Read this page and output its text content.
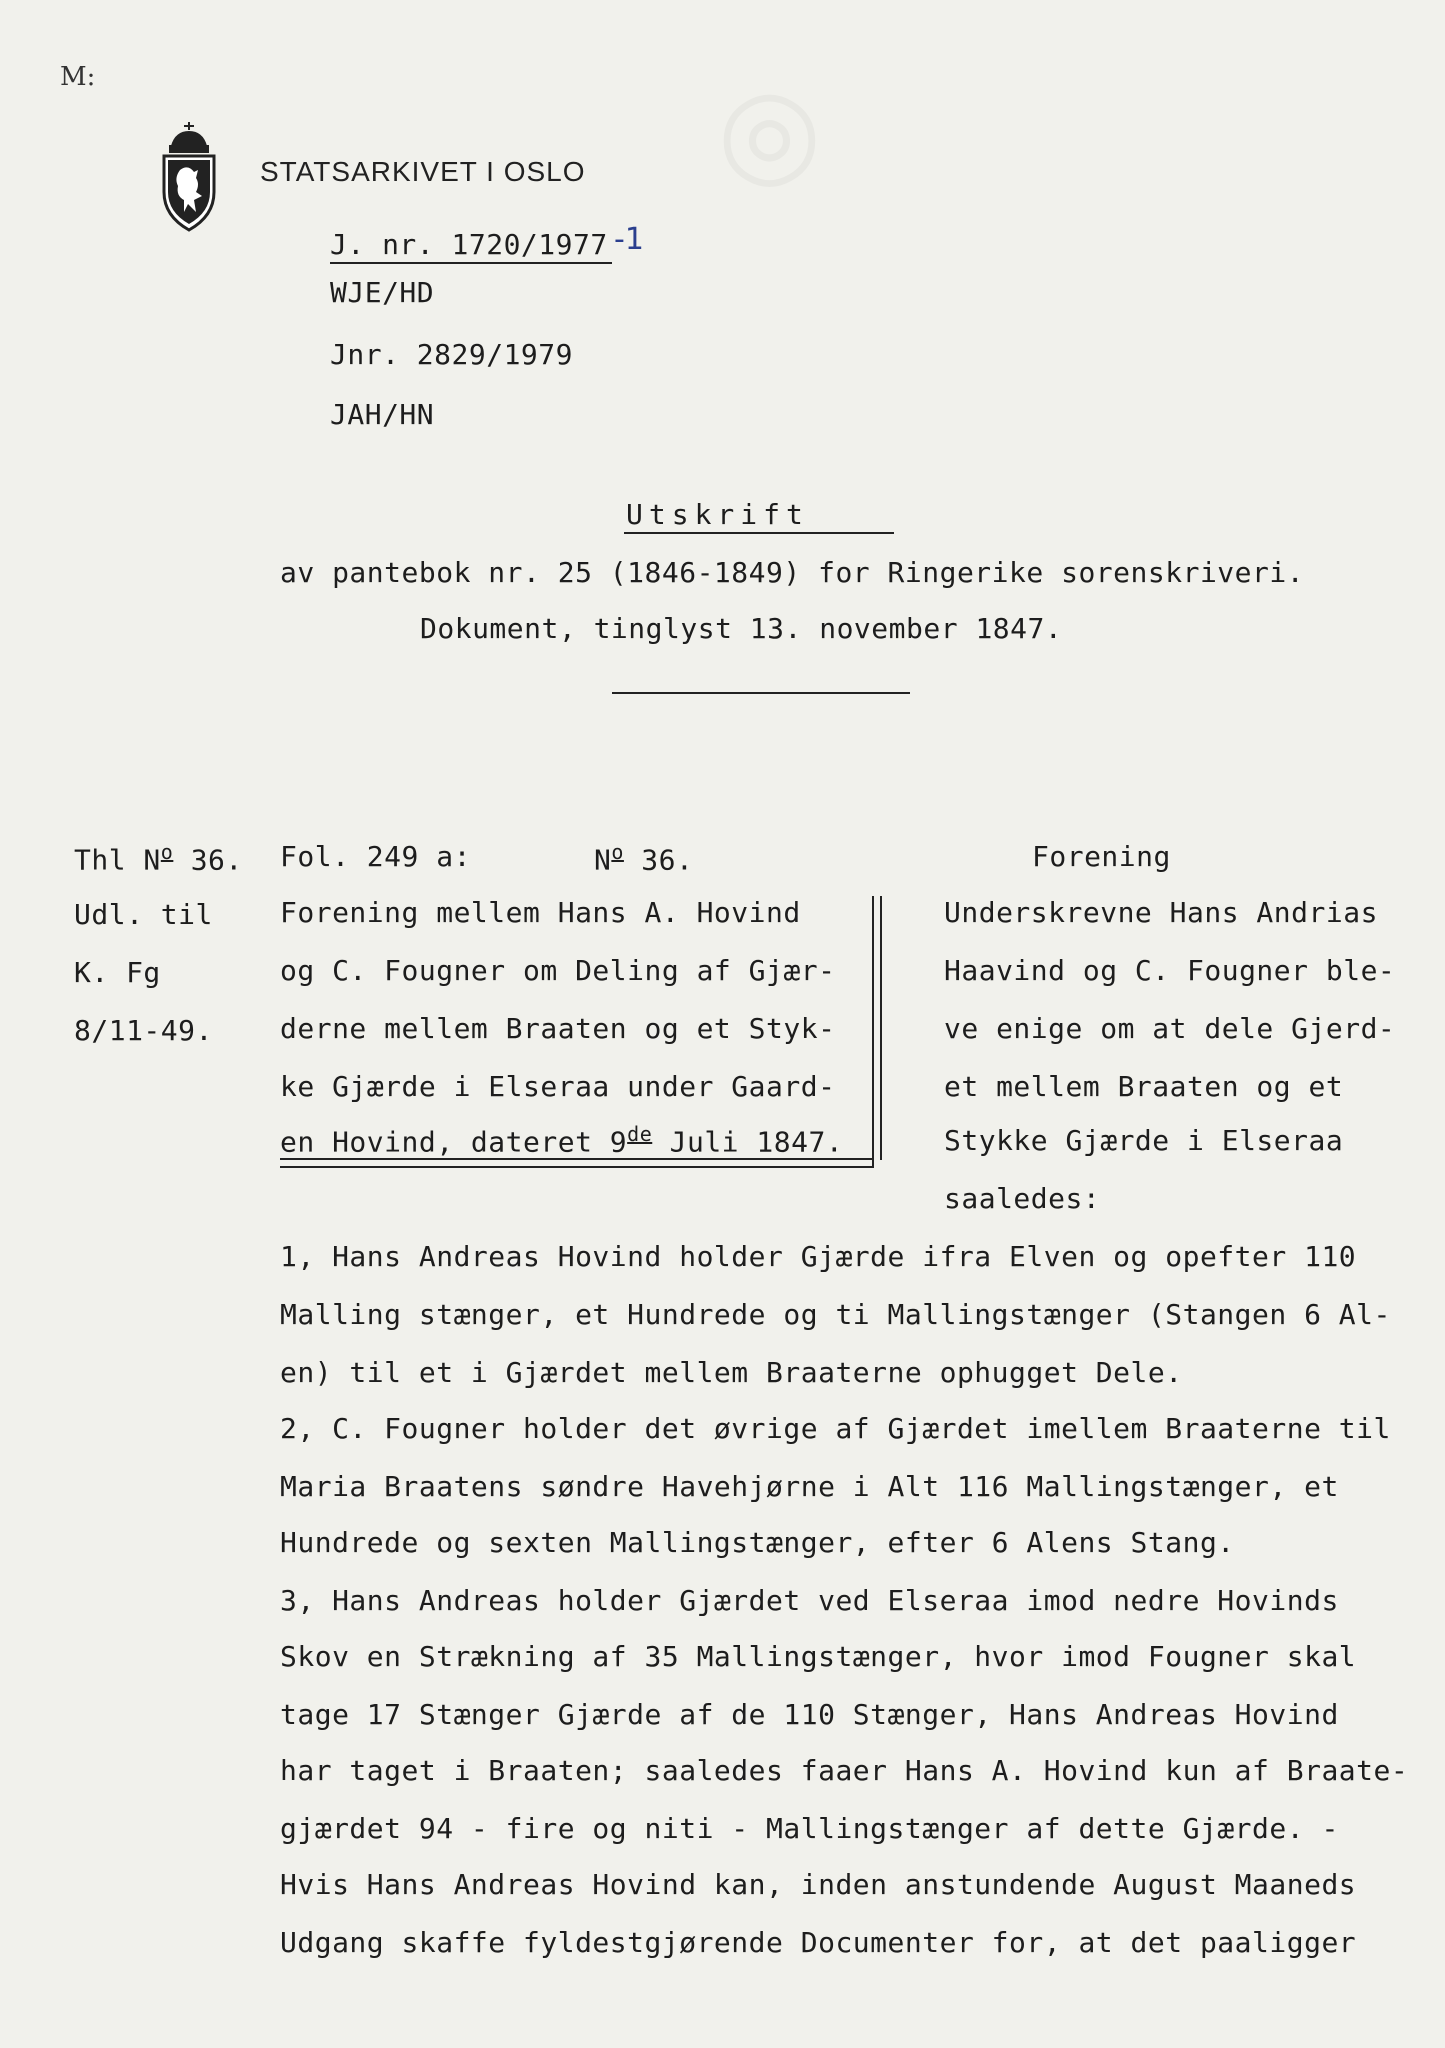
M:
STATSARKIVET I OSLO
J. nr. 1720/1977 -1
WJE/HD
Jnr. 2829/1979
JAH/HN
Utskrift
av pantebok nr. 25 (1846-1849) for Ringerike sorenskriveri.
Dokument, tinglyst 13. november 1847.
Thl $N^o$ 36.
Udl. til
K. Fg
8/11-49.
Fol. 249 a:	$N^o$ 36.
Forening mellem Hans A. Hovind
og C. Fougner om Deling af Gjær-
derne mellem Braaten og et Styk-
ke Gjærde i Elseraa under Gaard-
en Hovind, dateret 9de Juli 1847.
Forening
Underskrevne Hans Andrias
Haavind og C. Fougner ble-
ve enige om at dele Gjerd-
et mellem Braaten og et
Stykke Gjærde i Elseraa
saaledes:
1, Hans Andreas Hovind holder Gjærde ifra Elven og opefter 110
Malling stænger, et Hundrede og ti Mallingstænger (Stangen 6 Al-
en) til et i Gjærdet mellem Braaterne ophugget Dele.
2, C. Fougner holder det øvrige af Gjærdet imellem Braaterne til
Maria Braatens søndre Havehjørne i Alt 116 Mallingstænger, et
Hundrede og sexten Mallingstænger, efter 6 Alens Stang.
3, Hans Andreas holder Gjærdet ved Elseraa imod nedre Hovinds
Skov en Strækning af 35 Mallingstænger, hvor imod Fougner skal
tage 17 Stænger Gjærde af de 110 Stænger, Hans Andreas Hovind
har taget i Braaten; saaledes faaer Hans A. Hovind kun af Braate-
gjærdet 94 - fire og niti - Mallingstænger af dette Gjærde. -
Hvis Hans Andreas Hovind kan, inden anstundende August Maaneds
Udgang skaffe fyldestgjørende Documenter for, at det paaligger
